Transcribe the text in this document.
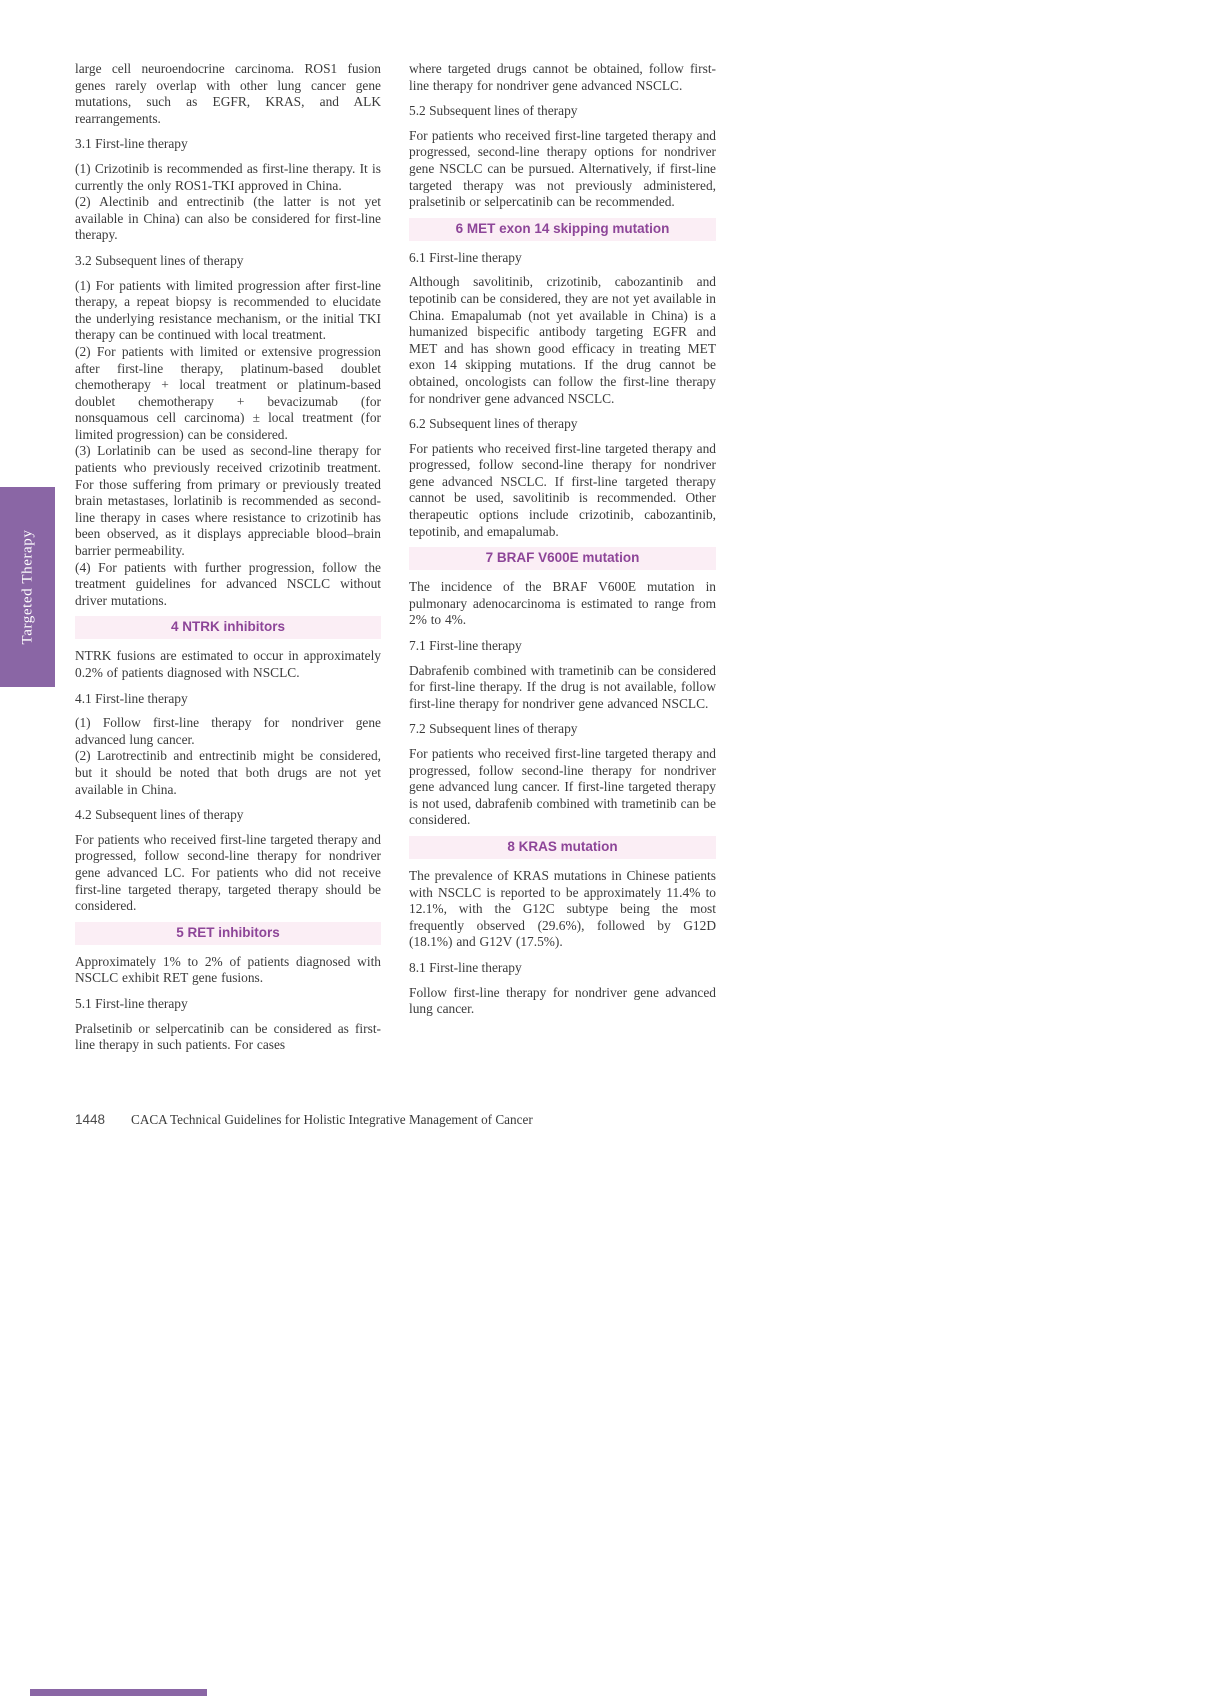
Targeted Therapy

large cell neuroendocrine carcinoma. ROS1 fusion genes rarely overlap with other lung cancer gene mutations, such as EGFR, KRAS, and ALK rearrangements.

3.1 First-line therapy

(1) Crizotinib is recommended as first-line therapy. It is currently the only ROS1-TKI approved in China.

(2) Alectinib and entrectinib (the latter is not yet available in China) can also be considered for first-line therapy.

3.2 Subsequent lines of therapy

(1) For patients with limited progression after first-line therapy, a repeat biopsy is recommended to elucidate the underlying resistance mechanism, or the initial TKI therapy can be continued with local treatment.

(2) For patients with limited or extensive progression after first-line therapy, platinum-based doublet chemotherapy + local treatment or platinum-based doublet chemotherapy + bevacizumab (for nonsquamous cell carcinoma) ± local treatment (for limited progression) can be considered.

(3) Lorlatinib can be used as second-line therapy for patients who previously received crizotinib treatment. For those suffering from primary or previously treated brain metastases, lorlatinib is recommended as second-line therapy in cases where resistance to crizotinib has been observed, as it displays appreciable blood–brain barrier permeability.

(4) For patients with further progression, follow the treatment guidelines for advanced NSCLC without driver mutations.

4 NTRK inhibitors

NTRK fusions are estimated to occur in approximately 0.2% of patients diagnosed with NSCLC.

4.1 First-line therapy

(1) Follow first-line therapy for nondriver gene advanced lung cancer.

(2) Larotrectinib and entrectinib might be considered, but it should be noted that both drugs are not yet available in China.

4.2 Subsequent lines of therapy

For patients who received first-line targeted therapy and progressed, follow second-line therapy for nondriver gene advanced LC. For patients who did not receive first-line targeted therapy, targeted therapy should be considered.

5 RET inhibitors

Approximately 1% to 2% of patients diagnosed with NSCLC exhibit RET gene fusions.

5.1 First-line therapy

Pralsetinib or selpercatinib can be considered as first-line therapy in such patients. For cases

where targeted drugs cannot be obtained, follow first-line therapy for nondriver gene advanced NSCLC.

5.2 Subsequent lines of therapy

For patients who received first-line targeted therapy and progressed, second-line therapy options for nondriver gene NSCLC can be pursued. Alternatively, if first-line targeted therapy was not previously administered, pralsetinib or selpercatinib can be recommended.

6 MET exon 14 skipping mutation
6.1 First-line therapy

Although savolitinib, crizotinib, cabozantinib and tepotinib can be considered, they are not yet available in China. Emapalumab (not yet available in China) is a humanized bispecific antibody targeting EGFR and MET and has shown good efficacy in treating MET exon 14 skipping mutations. If the drug cannot be obtained, oncologists can follow the first-line therapy for nondriver gene advanced NSCLC.

6.2 Subsequent lines of therapy

For patients who received first-line targeted therapy and progressed, follow second-line therapy for nondriver gene advanced NSCLC. If first-line targeted therapy cannot be used, savolitinib is recommended. Other therapeutic options include crizotinib, cabozantinib, tepotinib, and emapalumab.

7 BRAF V600E mutation

The incidence of the BRAF V600E mutation in pulmonary adenocarcinoma is estimated to range from 2% to 4%.

7.1 First-line therapy

Dabrafenib combined with trametinib can be considered for first-line therapy. If the drug is not available, follow first-line therapy for nondriver gene advanced NSCLC.

7.2 Subsequent lines of therapy

For patients who received first-line targeted therapy and progressed, follow second-line therapy for nondriver gene advanced lung cancer. If first-line targeted therapy is not used, dabrafenib combined with trametinib can be considered.

8 KRAS mutation

The prevalence of KRAS mutations in Chinese patients with NSCLC is reported to be approximately 11.4% to 12.1%, with the G12C subtype being the most frequently observed (29.6%), followed by G12D (18.1%) and G12V (17.5%).

8.1 First-line therapy

Follow first-line therapy for nondriver gene advanced lung cancer.

1448 CACA Technical Guidelines for Holistic Integrative Management of Cancer
